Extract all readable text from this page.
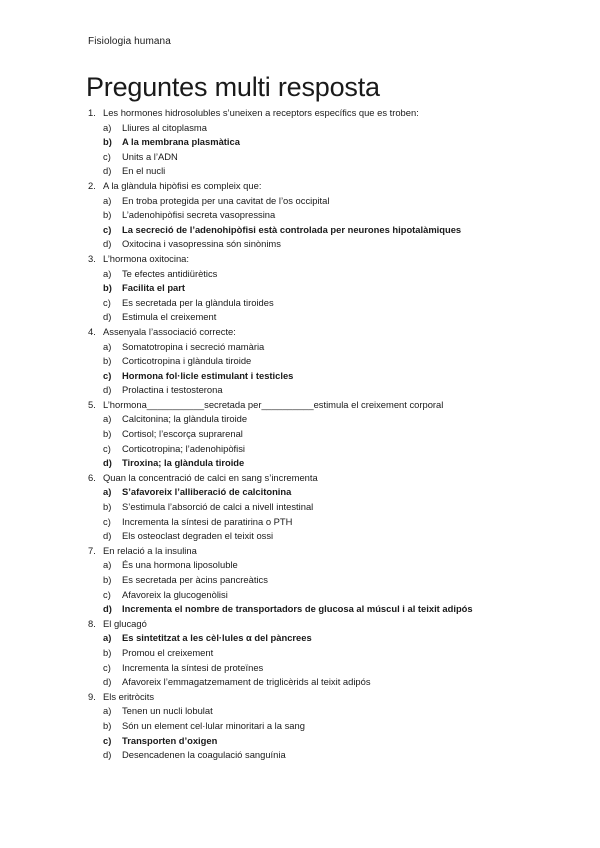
Fisiologia humana
Preguntes multi resposta
1. Les hormones hidrosolubles s’uneixen a receptors específics que es troben:
a)	Lliures al citoplasma
b)	A la membrana plasmàtica
c)	Units a l’ADN
d)	En el nucli
2. A la glàndula hipòfisi es compleix que:
a)	En troba protegida per una cavitat de l’os occipital
b)	L’adenohipòfisi secreta vasopressina
c)	La secreció de l’adenohipòfisi està controlada per neurones hipotalàmiques
d)	Oxitocina i vasopressina són sinònims
3. L’hormona oxitocina:
a)	Te efectes antidiürètics
b)	Facilita el part
c)	Es secretada per la glàndula tiroides
d)	Estimula el creixement
4. Assenyala l’associació correcte:
a)	Somatotropina i secreció mamària
b)	Corticotropina i glàndula tiroide
c)	Hormona fol·licle estimulant i testicles
d)	Prolactina i testosterona
5. L’hormona___________secretada per__________estimula el creixement corporal
a)	Calcitonina; la glàndula tiroide
b)	Cortisol; l’escorça suprarenal
c)	Corticotropina; l’adenohipòfisi
d)	Tiroxina; la glàndula tiroide
6. Quan la concentració de calci en sang s’incrementa
a)	S’afavoreix l’alliberació de calcitonina
b)	S’estimula l’absorció de calci a nivell intestinal
c)	Incrementa la síntesi de paratirina o PTH
d)	Els osteoclast degraden el teixit ossi
7. En relació a la insulina
a)	És una hormona liposoluble
b)	Es secretada per àcins pancreàtics
c)	Afavoreix la glucogenòlisi
d)	Incrementa el nombre de transportadors de glucosa al múscul i al teixit adipós
8. El glucagó
a)	Es sintetitzat a les cèl·lules α del pàncrees
b)	Promou el creixement
c)	Incrementa la síntesi de proteïnes
d)	Afavoreix l’emmagatzemament de triglicèrids al teixit adipós
9. Els eritròcits
a)	Tenen un nucli lobulat
b)	Són un element cel·lular minoritari a la sang
c)	Transporten d’oxigen
d)	Desencadenen la coagulació sanguínia
